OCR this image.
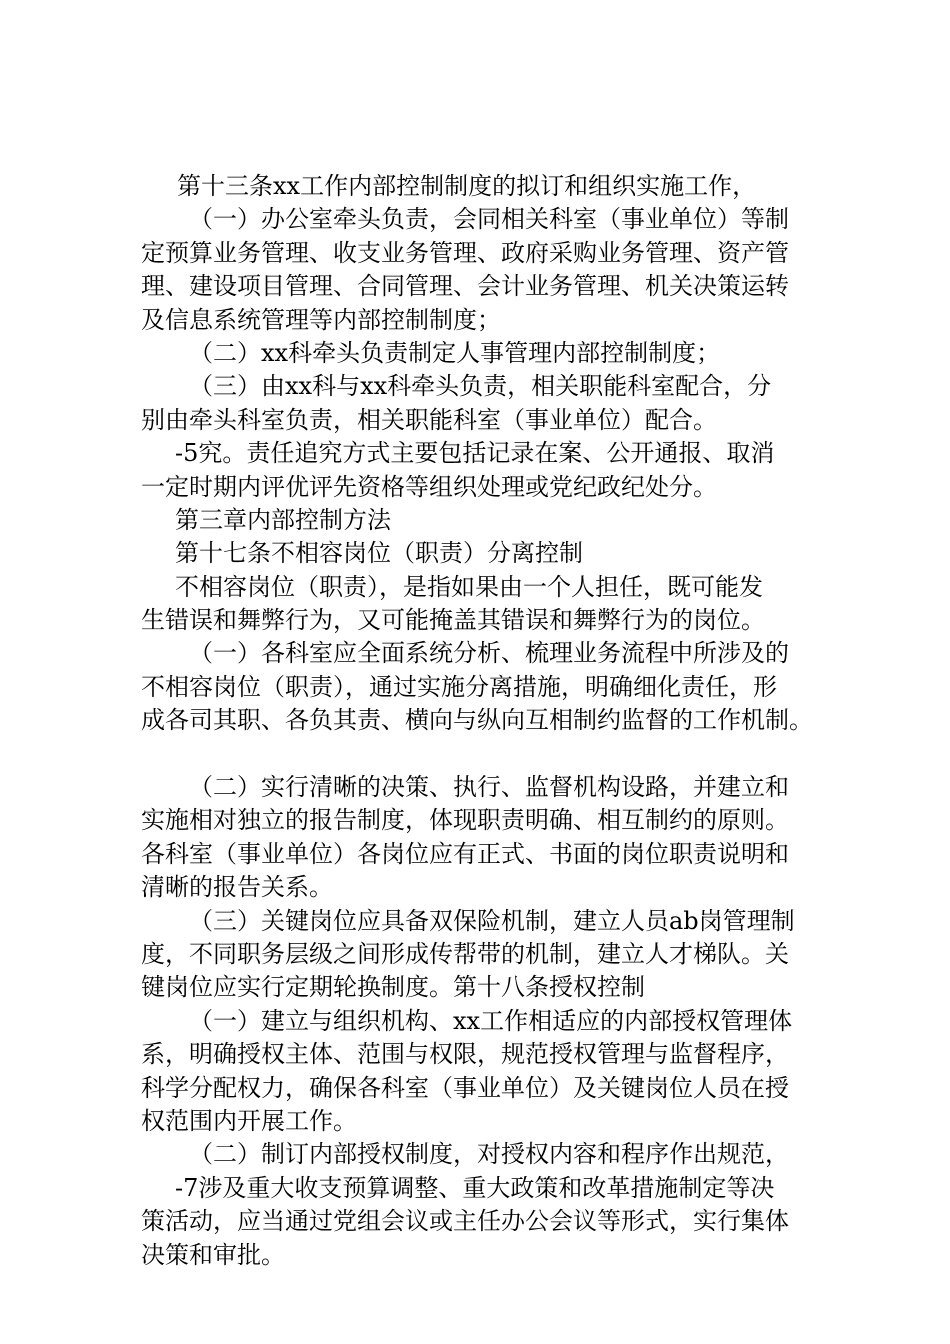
第十三条xx工作内部控制制度的拟订和组织实施工作，
（一）办公室牵头负责，会同相关科室（事业单位）等制
定预算业务管理、收支业务管理、政府采购业务管理、资产管
理、建设项目管理、合同管理、会计业务管理、机关决策运转
及信息系统管理等内部控制制度；
（二）xx科牵头负责制定人事管理内部控制制度；
（三）由xx科与xx科牵头负责，相关职能科室配合，分
别由牵头科室负责，相关职能科室（事业单位）配合。
-5究。责任追究方式主要包括记录在案、公开通报、取消
一定时期内评优评先资格等组织处理或党纪政纪处分。
第三章内部控制方法
第十七条不相容岗位（职责）分离控制
不相容岗位（职责），是指如果由一个人担任，既可能发
生错误和舞弊行为，又可能掩盖其错误和舞弊行为的岗位。
（一）各科室应全面系统分析、梳理业务流程中所涉及的
不相容岗位（职责），通过实施分离措施，明确细化责任，形
成各司其职、各负其责、横向与纵向互相制约监督的工作机制。
（二）实行清晰的决策、执行、监督机构设路，并建立和
实施相对独立的报告制度，体现职责明确、相互制约的原则。
各科室（事业单位）各岗位应有正式、书面的岗位职责说明和
清晰的报告关系。
（三）关键岗位应具备双保险机制，建立人员ab岗管理制
度，不同职务层级之间形成传帮带的机制，建立人才梯队。关
键岗位应实行定期轮换制度。第十八条授权控制
（一）建立与组织机构、xx工作相适应的内部授权管理体
系，明确授权主体、范围与权限，规范授权管理与监督程序，
科学分配权力，确保各科室（事业单位）及关键岗位人员在授
权范围内开展工作。
（二）制订内部授权制度，对授权内容和程序作出规范，
-7涉及重大收支预算调整、重大政策和改革措施制定等决
策活动，应当通过党组会议或主任办公会议等形式，实行集体
决策和审批。
